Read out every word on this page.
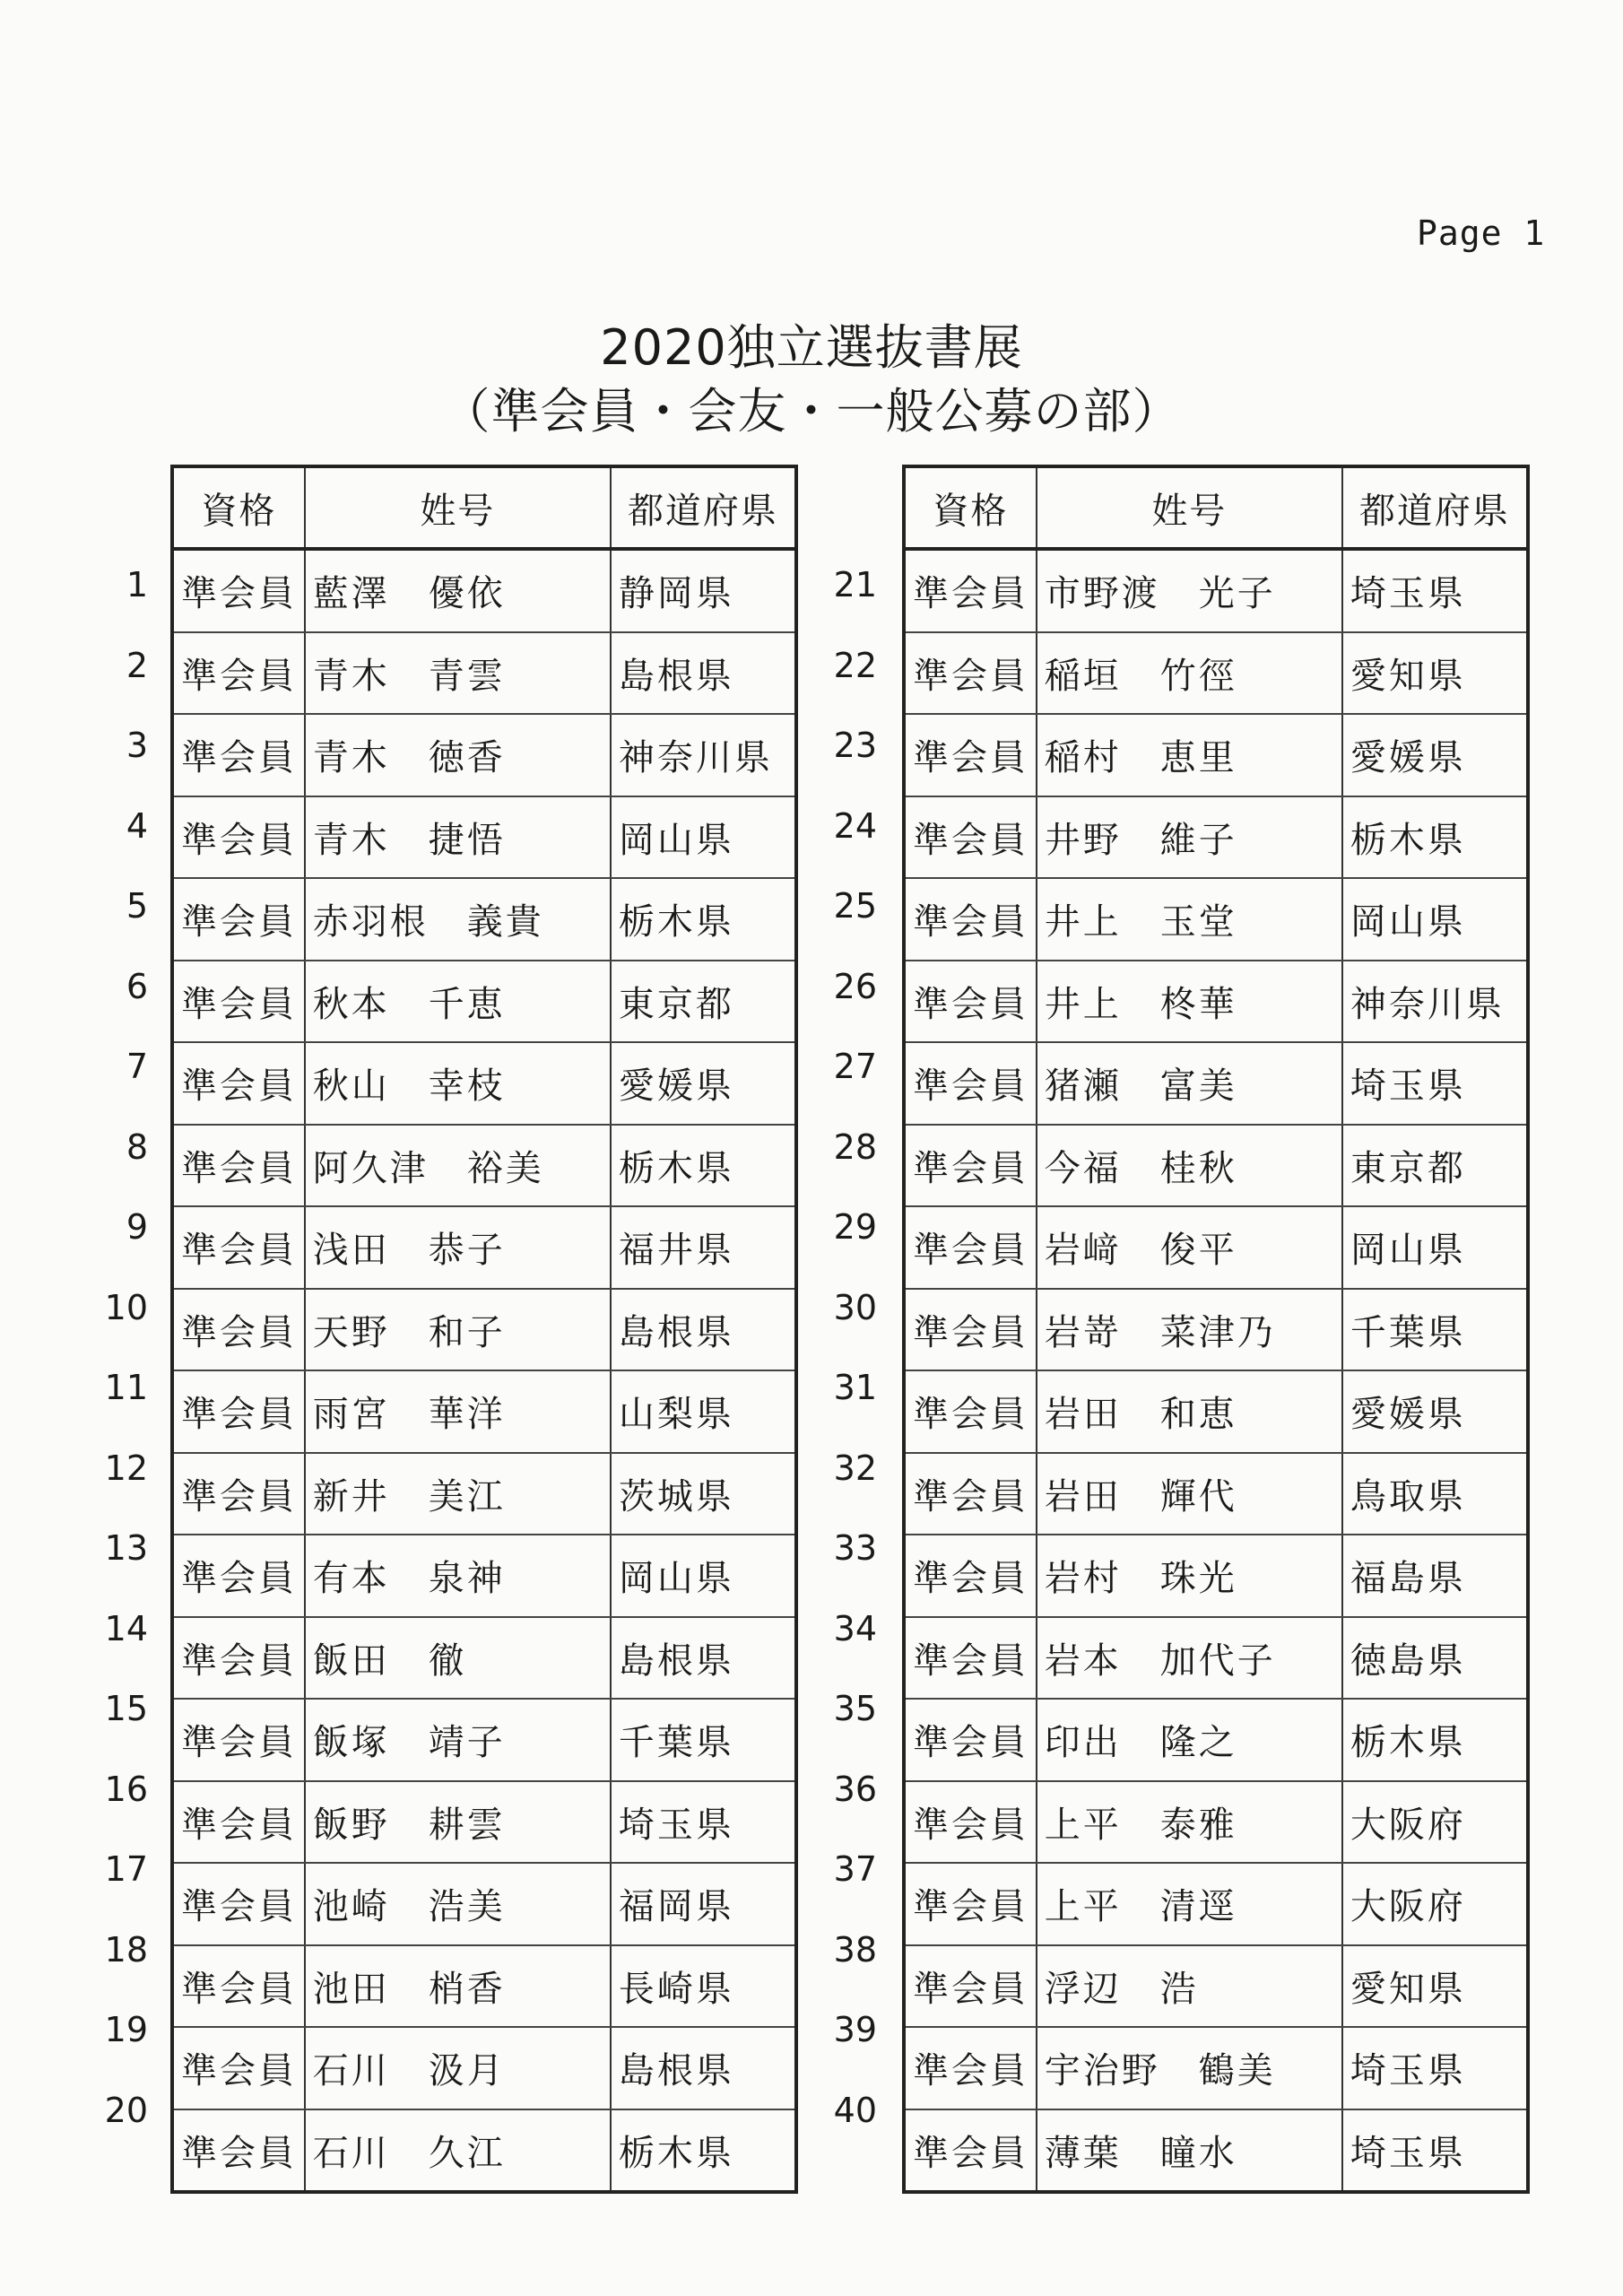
Page 1
2020独立選抜書展
（準会員・会友・一般公募の部）
1
2
3
4
5
6
7
8
9
10
11
12
13
14
15
16
17
18
19
20
資格	姓号	都道府県
準会員	藍澤　優依	静岡県
準会員	青木　青雲	島根県
準会員	青木　徳香	神奈川県
準会員	青木　捷悟	岡山県
準会員	赤羽根　義貴	栃木県
準会員	秋本　千恵	東京都
準会員	秋山　幸枝	愛媛県
準会員	阿久津　裕美	栃木県
準会員	浅田　恭子	福井県
準会員	天野　和子	島根県
準会員	雨宮　華洋	山梨県
準会員	新井　美江	茨城県
準会員	有本　泉神	岡山県
準会員	飯田　徹	島根県
準会員	飯塚　靖子	千葉県
準会員	飯野　耕雲	埼玉県
準会員	池崎　浩美	福岡県
準会員	池田　梢香	長崎県
準会員	石川　汲月	島根県
準会員	石川　久江	栃木県
21
22
23
24
25
26
27
28
29
30
31
32
33
34
35
36
37
38
39
40
資格	姓号	都道府県
準会員	市野渡　光子	埼玉県
準会員	稲垣　竹徑	愛知県
準会員	稲村　恵里	愛媛県
準会員	井野　維子	栃木県
準会員	井上　玉堂	岡山県
準会員	井上　柊華	神奈川県
準会員	猪瀬　富美	埼玉県
準会員	今福　桂秋	東京都
準会員	岩﨑　俊平	岡山県
準会員	岩嵜　菜津乃	千葉県
準会員	岩田　和恵	愛媛県
準会員	岩田　輝代	鳥取県
準会員	岩村　珠光	福島県
準会員	岩本　加代子	徳島県
準会員	印出　隆之	栃木県
準会員	上平　泰雅	大阪府
準会員	上平　清逕	大阪府
準会員	浮辺　浩	愛知県
準会員	宇治野　鶴美	埼玉県
準会員	薄葉　瞳水	埼玉県
